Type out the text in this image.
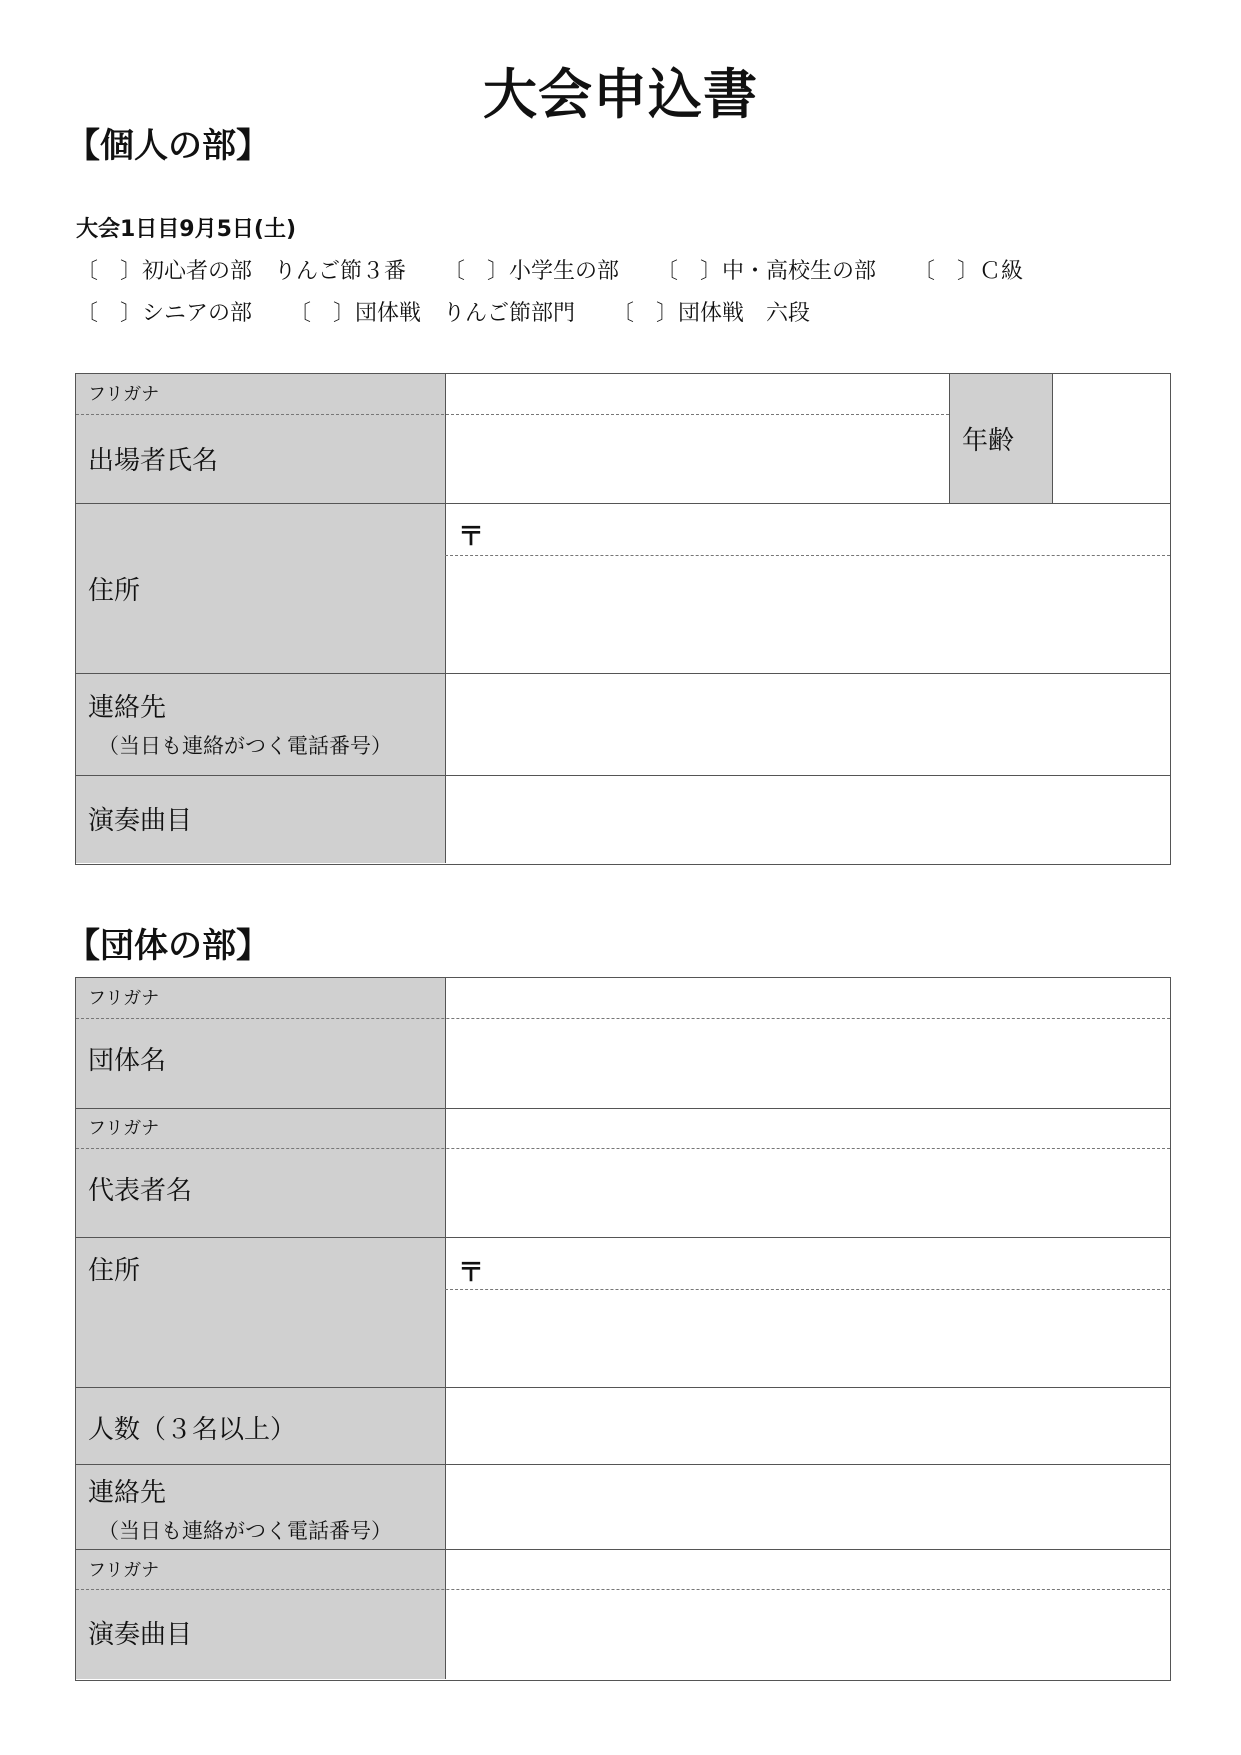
大会申込書
【個人の部】
大会1日目9月5日(土)
〔　〕初心者の部　りんご節３番 〔　〕小学生の部 〔　〕中・高校生の部 〔　〕Ｃ級
〔　〕シニアの部 〔　〕団体戦　りんご節部門 〔　〕団体戦　六段
フリガナ
出場者氏名
年齢
住所
〒
連絡先
（当日も連絡がつく電話番号）
演奏曲目
【団体の部】
フリガナ
団体名
フリガナ
代表者名
住所	〒
人数（３名以上）
連絡先
（当日も連絡がつく電話番号）
フリガナ
演奏曲目
